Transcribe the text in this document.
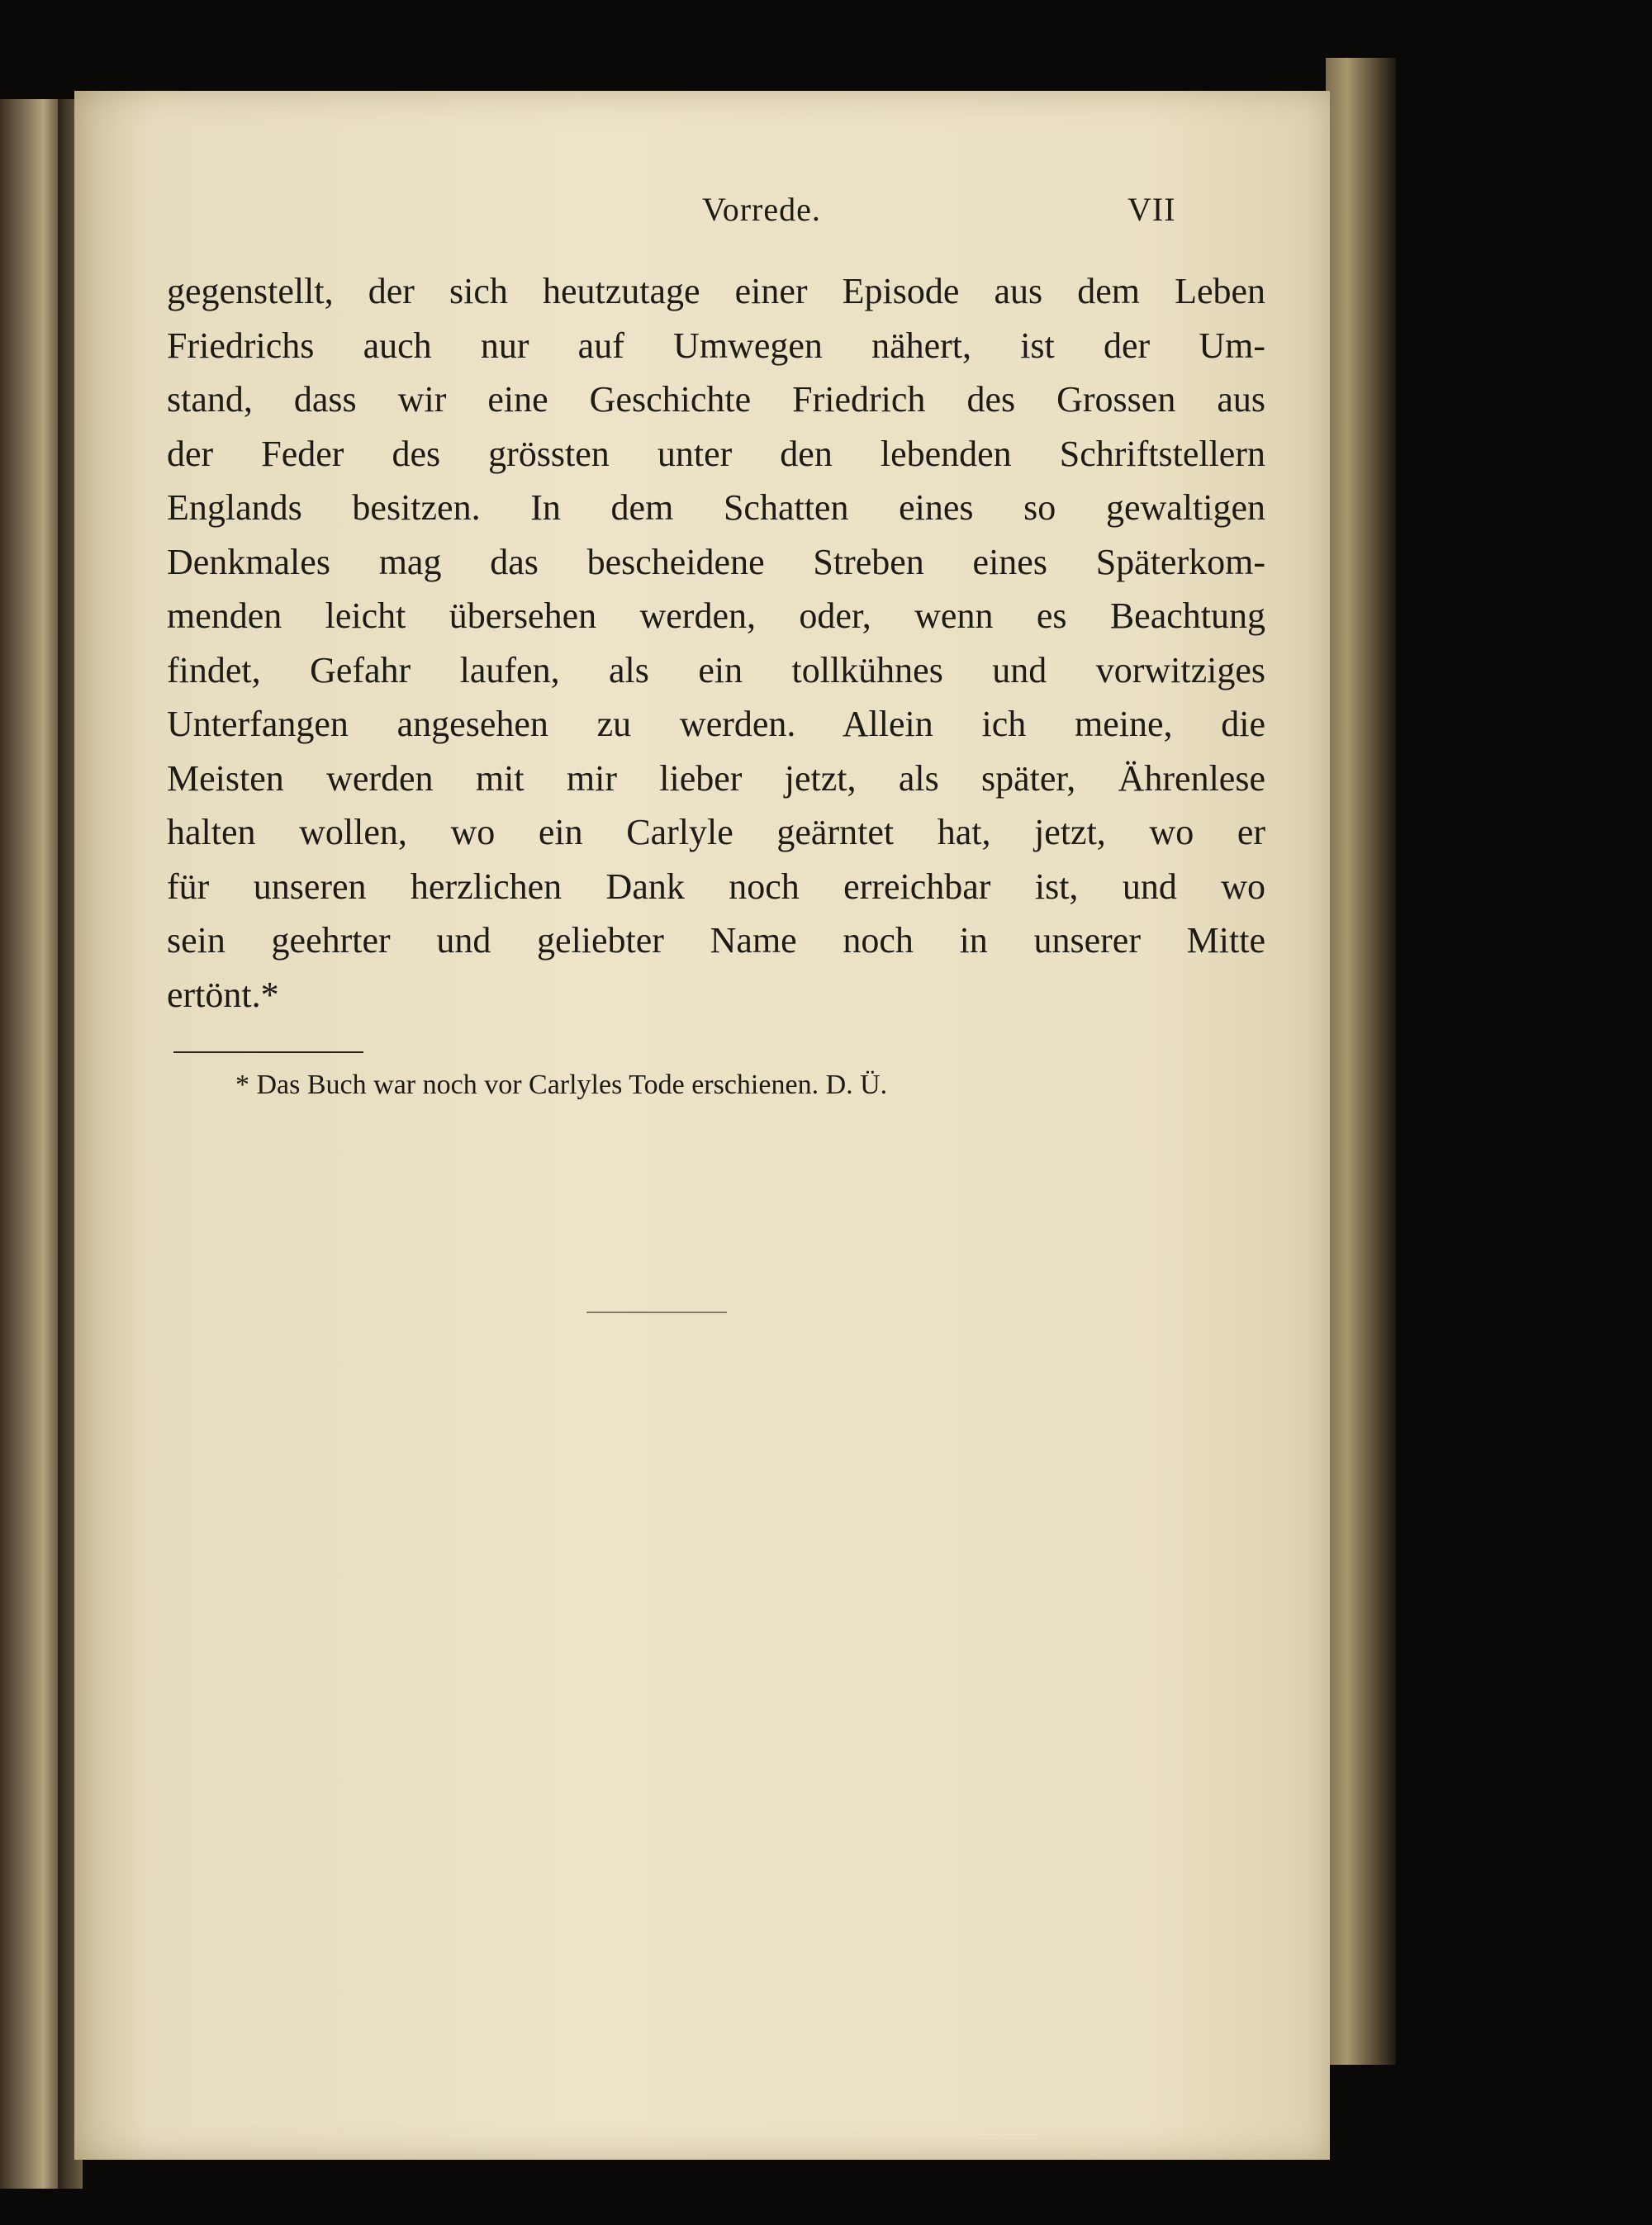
Vorrede.	VII
gegenstellt, der sich heutzutage einer Episode aus dem Leben
Friedrichs auch nur auf Umwegen nähert, ist der Um-
stand, dass wir eine Geschichte Friedrich des Grossen aus
der Feder des grössten unter den lebenden Schriftstellern
Englands besitzen. In dem Schatten eines so gewaltigen
Denkmales mag das bescheidene Streben eines Späterkom-
menden leicht übersehen werden, oder, wenn es Beachtung
findet, Gefahr laufen, als ein tollkühnes und vorwitziges
Unterfangen angesehen zu werden. Allein ich meine, die
Meisten werden mit mir lieber jetzt, als später, Ährenlese
halten wollen, wo ein Carlyle geärntet hat, jetzt, wo er
für unseren herzlichen Dank noch erreichbar ist, und wo
sein geehrter und geliebter Name noch in unserer Mitte
ertönt.*
* Das Buch war noch vor Carlyles Tode erschienen. D. Ü.
